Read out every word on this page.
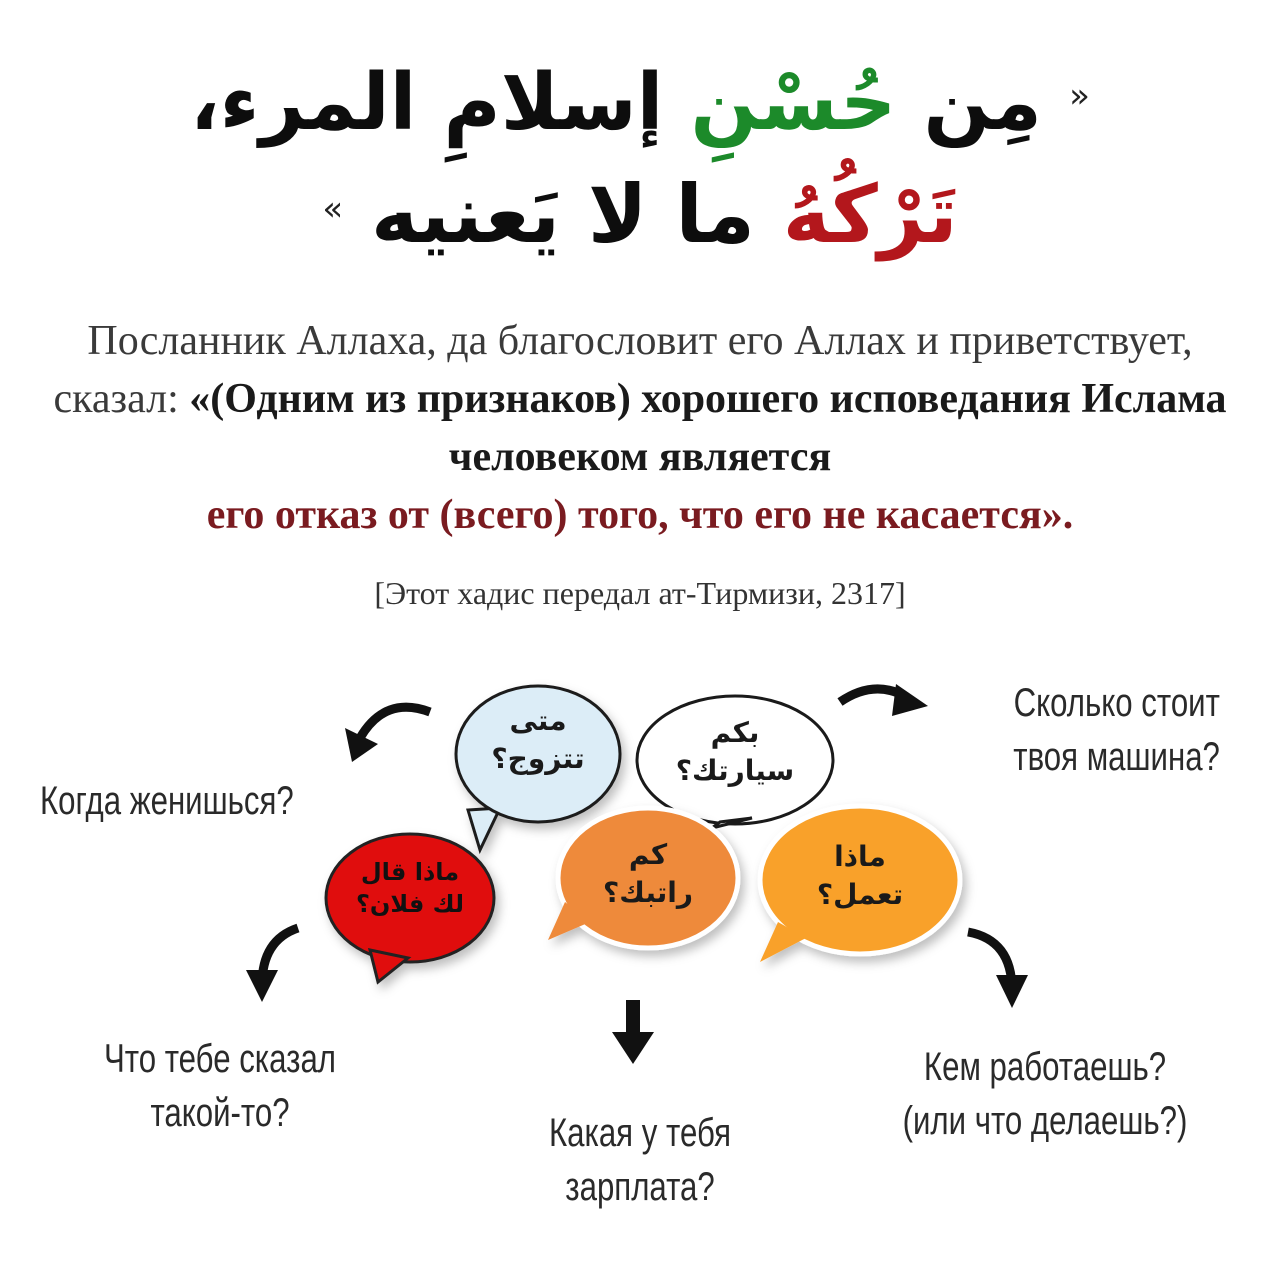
« مِن حُسْنِ إسلامِ المرء،
تَرْكُهُ ما لا يَعنيه »
Посланник Аллаха, да благословит его Аллах и приветствует, сказал: «(Одним из признаков) хорошего исповедания Ислама человеком является
его отказ от (всего) того, что его не касается».
[Этот хадис передал ат-Тирмизи, 2317]
متى
تتزوج؟
بكم
سيارتك؟
ماذا قال
لك فلان؟
كم
راتبك؟
ماذا
تعمل؟
Когда женишься?
Сколько стоит
твоя машина?
Что тебе сказал
такой-то?	Какая у тебя
зарплата?
Кем работаешь?
(или что делаешь?)
